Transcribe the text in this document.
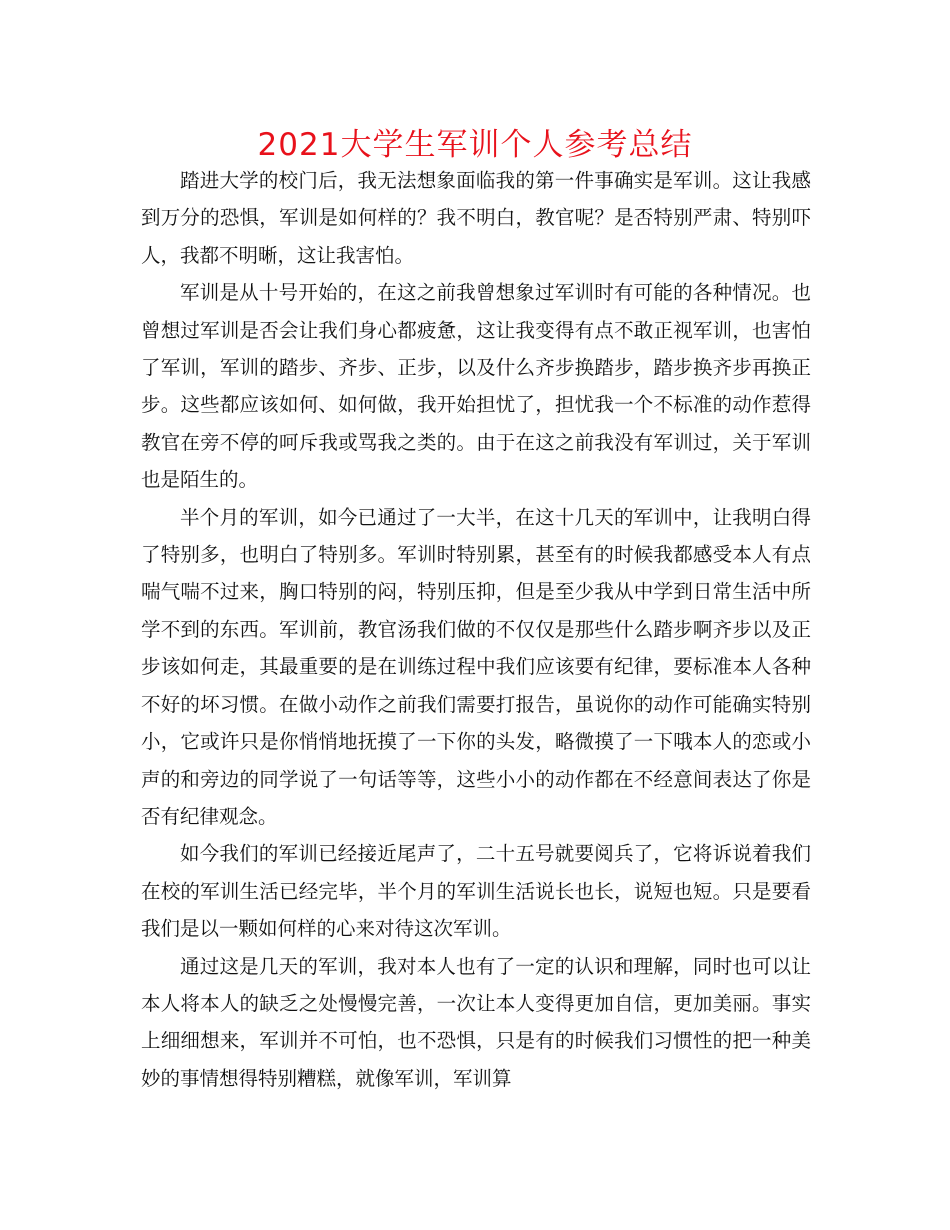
2021大学生军训个人参考总结

踏进大学的校门后，我无法想象面临我的第一件事确实是军训。这让我感到万分的恐惧，军训是如何样的？我不明白，教官呢？是否特别严肃、特别吓人，我都不明晰，这让我害怕。

军训是从十号开始的，在这之前我曾想象过军训时有可能的各种情况。也曾想过军训是否会让我们身心都疲惫，这让我变得有点不敢正视军训，也害怕了军训，军训的踏步、齐步、正步，以及什么齐步换踏步，踏步换齐步再换正步。这些都应该如何、如何做，我开始担忧了，担忧我一个不标准的动作惹得教官在旁不停的呵斥我或骂我之类的。由于在这之前我没有军训过，关于军训也是陌生的。

半个月的军训，如今已通过了一大半，在这十几天的军训中，让我明白得了特别多，也明白了特别多。军训时特别累，甚至有的时候我都感受本人有点喘气喘不过来，胸口特别的闷，特别压抑，但是至少我从中学到日常生活中所学不到的东西。军训前，教官汤我们做的不仅仅是那些什么踏步啊齐步以及正步该如何走，其最重要的是在训练过程中我们应该要有纪律，要标准本人各种不好的坏习惯。在做小动作之前我们需要打报告，虽说你的动作可能确实特别小，它或许只是你悄悄地抚摸了一下你的头发，略微摸了一下哦本人的恋或小声的和旁边的同学说了一句话等等，这些小小的动作都在不经意间表达了你是否有纪律观念。

如今我们的军训已经接近尾声了，二十五号就要阅兵了，它将诉说着我们在校的军训生活已经完毕，半个月的军训生活说长也长，说短也短。只是要看我们是以一颗如何样的心来对待这次军训。

通过这是几天的军训，我对本人也有了一定的认识和理解，同时也可以让本人将本人的缺乏之处慢慢完善，一次让本人变得更加自信，更加美丽。事实上细细想来，军训并不可怕，也不恐惧，只是有的时候我们习惯性的把一种美妙的事情想得特别糟糕，就像军训，军训算
